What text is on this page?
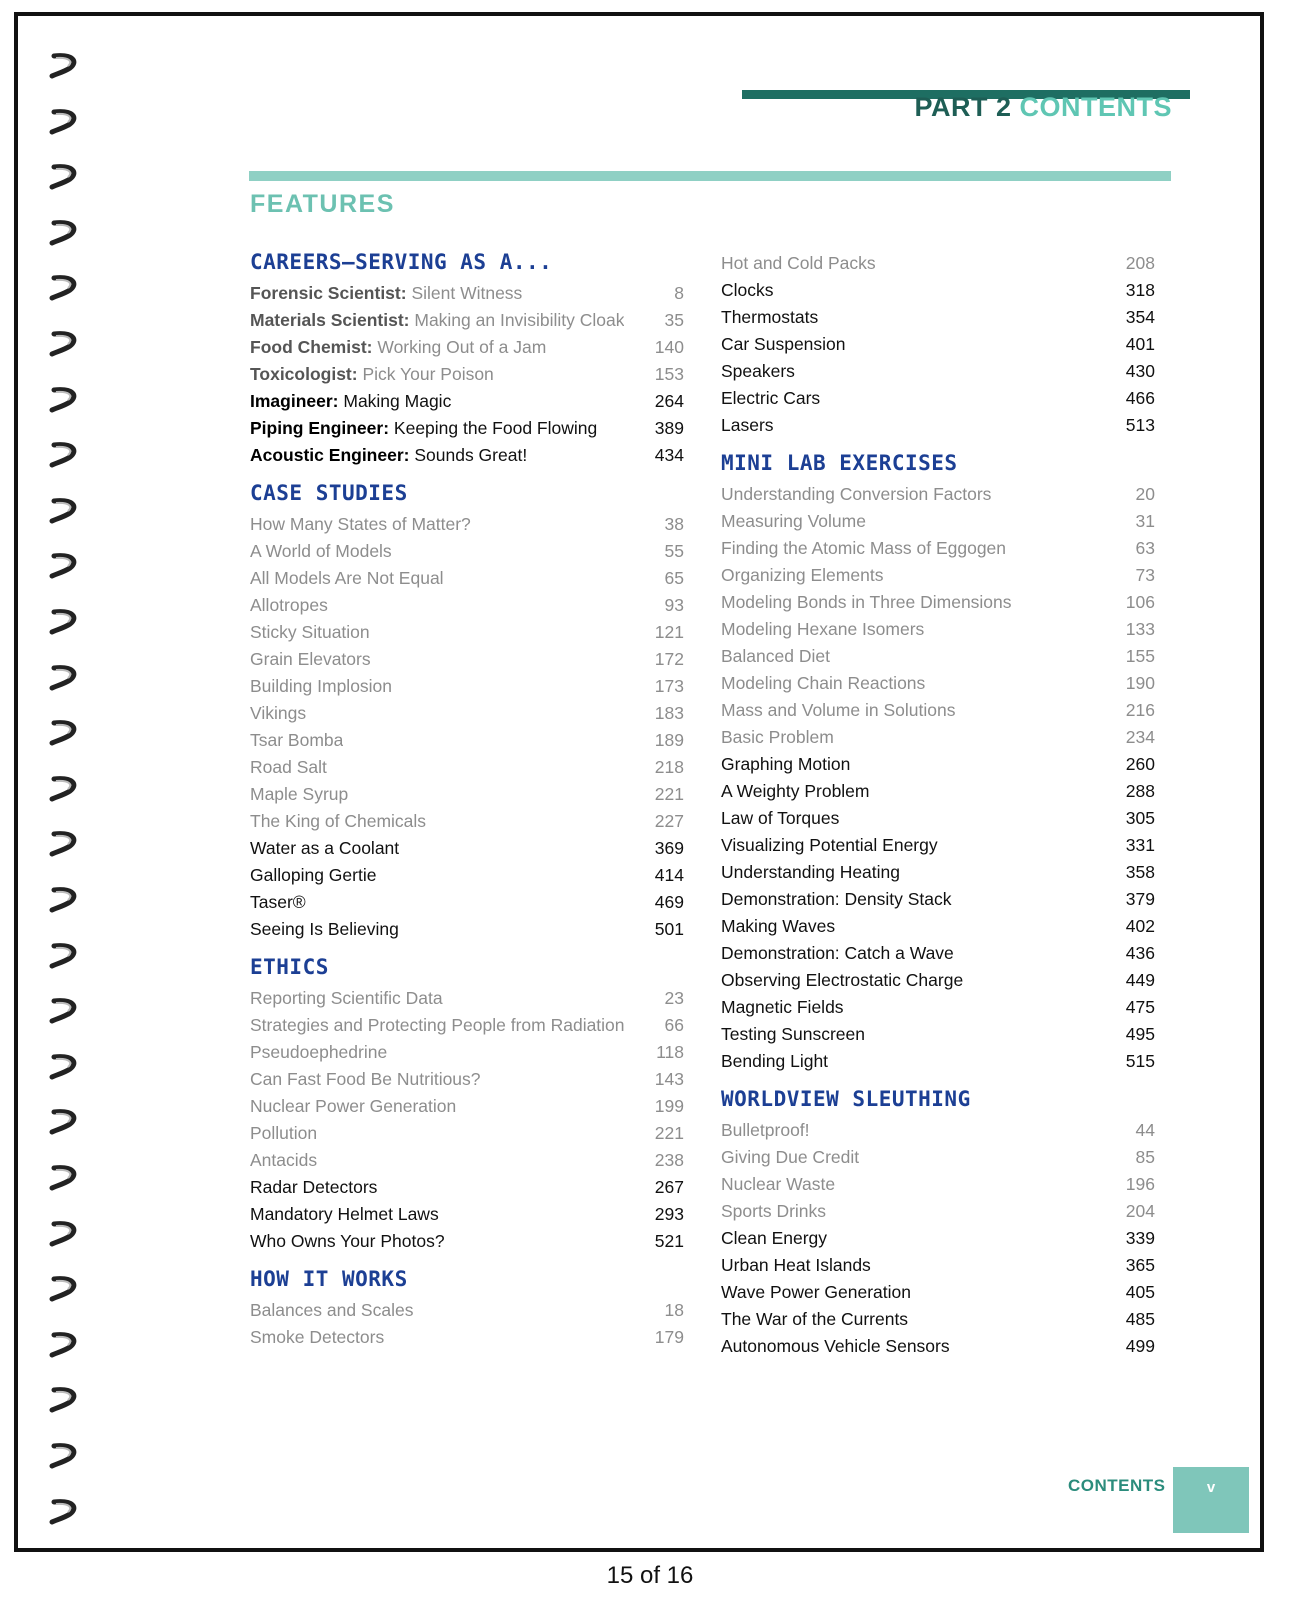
PART 2 CONTENTS
FEATURES
CAREERS—SERVING AS A...
Forensic Scientist: Silent Witness	8
Materials Scientist: Making an Invisibility Cloak	35
Food Chemist: Working Out of a Jam	140
Toxicologist: Pick Your Poison	153
Imagineer: Making Magic	264
Piping Engineer: Keeping the Food Flowing	389
Acoustic Engineer: Sounds Great!	434
CASE STUDIES
How Many States of Matter?	38
A World of Models	55
All Models Are Not Equal	65
Allotropes	93
Sticky Situation	121
Grain Elevators	172
Building Implosion	173
Vikings	183
Tsar Bomba	189
Road Salt	218
Maple Syrup	221
The King of Chemicals	227
Water as a Coolant	369
Galloping Gertie	414
Taser®	469
Seeing Is Believing	501
ETHICS
Reporting Scientific Data	23
Strategies and Protecting People from Radiation	66
Pseudoephedrine	118
Can Fast Food Be Nutritious?	143
Nuclear Power Generation	199
Pollution	221
Antacids	238
Radar Detectors	267
Mandatory Helmet Laws	293
Who Owns Your Photos?	521
HOW IT WORKS
Balances and Scales	18
Smoke Detectors	179
Hot and Cold Packs	208
Clocks	318
Thermostats	354
Car Suspension	401
Speakers	430
Electric Cars	466
Lasers	513
MINI LAB EXERCISES
Understanding Conversion Factors	20
Measuring Volume	31
Finding the Atomic Mass of Eggogen	63
Organizing Elements	73
Modeling Bonds in Three Dimensions	106
Modeling Hexane Isomers	133
Balanced Diet	155
Modeling Chain Reactions	190
Mass and Volume in Solutions	216
Basic Problem	234
Graphing Motion	260
A Weighty Problem	288
Law of Torques	305
Visualizing Potential Energy	331
Understanding Heating	358
Demonstration: Density Stack	379
Making Waves	402
Demonstration: Catch a Wave	436
Observing Electrostatic Charge	449
Magnetic Fields	475
Testing Sunscreen	495
Bending Light	515
WORLDVIEW SLEUTHING
Bulletproof!	44
Giving Due Credit	85
Nuclear Waste	196
Sports Drinks	204
Clean Energy	339
Urban Heat Islands	365
Wave Power Generation	405
The War of the Currents	485
Autonomous Vehicle Sensors	499
CONTENTS	v
15 of 16
